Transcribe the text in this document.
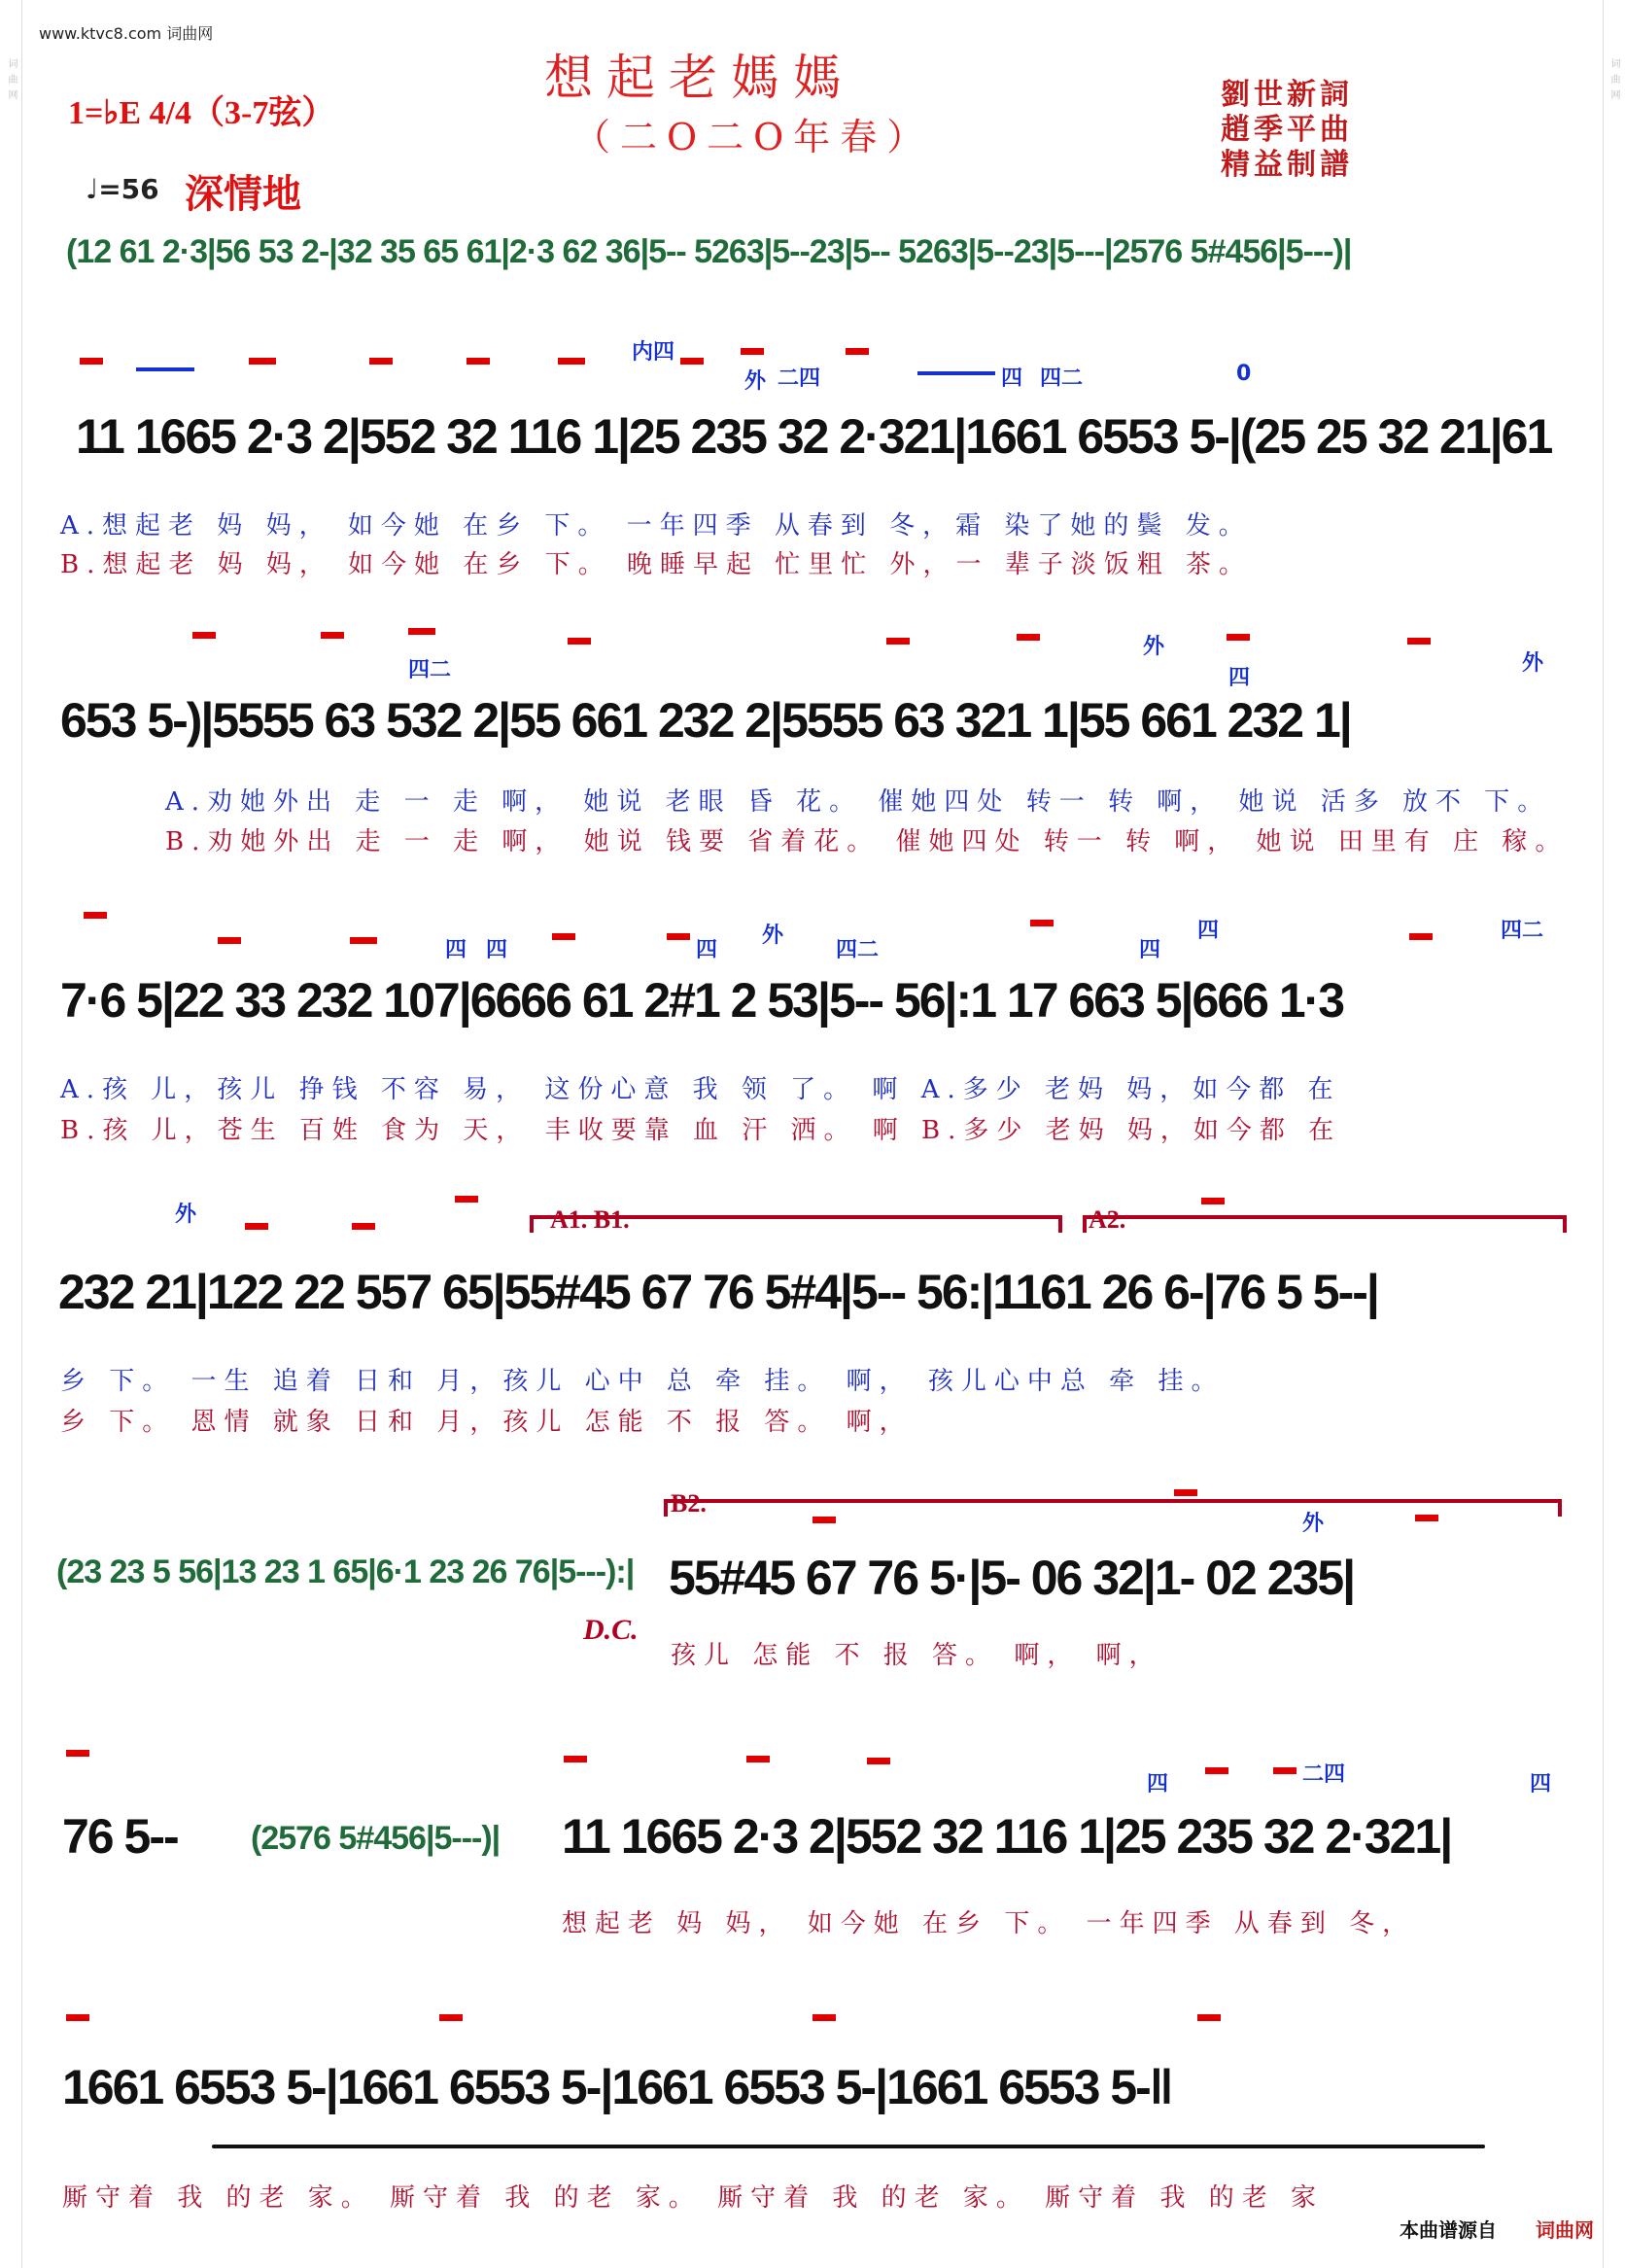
词曲网	词曲网
www.ktvc8.com 词曲网
想起老媽媽
（二O二O年春）
劉世新詞
趙季平曲
精益制譜
1=♭E 4/4（3-7弦）
♩=56 深情地
(12 61 2·3|56 53 2-|32 35 65 61|2·3 62 36|5-- 5263|5--23|5-- 5263|5--23|5---|2576 5#456|5---)|
内四
外 二四	四 四二	0
11 1665 2·3 2|552 32 116 1|25 235 32 2·321|1661 6553 5-|(25 25 32 21|61
A.想起老 妈 妈， 如今她 在乡 下。 一年四季 从春到 冬，霜 染了她的鬓 发。
B.想起老 妈 妈， 如今她 在乡 下。 晚睡早起 忙里忙 外，一 辈子淡饭粗 茶。
四二
外
四
外
653 5-)|5555 63 532 2|55 661 232 2|5555 63 321 1|55 661 232 1|
A.劝她外出 走 一 走 啊， 她说 老眼 昏 花。 催她四处 转一 转 啊， 她说 活多 放不 下。
B.劝她外出 走 一 走 啊， 她说 钱要 省着花。 催她四处 转一 转 啊， 她说 田里有 庄 稼。
四 四	四
外
四二	四
四	四二
7·6 5|22 33 232 107|6666 61 2#1 2 53|5-- 56|:1 17 663 5|666 1·3
A.孩 儿，孩儿 挣钱 不容 易， 这份心意 我 领 了。 啊 A.多少 老妈 妈，如今都 在
B.孩 儿，苍生 百姓 食为 天， 丰收要靠 血 汗 洒。 啊 B.多少 老妈 妈，如今都 在
A1. B1.	A2.
外
232 21|122 22 557 65|55#45 67 76 5#4|5-- 56:|1161 26 6-|76 5 5--|
乡 下。 一生 追着 日和 月，孩儿 心中 总 牵 挂。 啊， 孩儿心中总 牵 挂。
乡 下。 恩情 就象 日和 月，孩儿 怎能 不 报 答。 啊，
(23 23 5 56|13 23 1 65|6·1 23 26 76|5---):|
D.C.
B2.
外
55#45 67 76 5·|5- 06 32|1- 02 235|
孩儿 怎能 不 报 答。 啊， 啊，
四	二四	四
76 5-- (2576 5#456|5---)| 11 1665 2·3 2|552 32 116 1|25 235 32 2·321|
想起老 妈 妈， 如今她 在乡 下。 一年四季 从春到 冬，
1661 6553 5-|1661 6553 5-|1661 6553 5-|1661 6553 5-‖
厮守着 我 的老 家。 厮守着 我 的老 家。 厮守着 我 的老 家。 厮守着 我 的老 家
本曲谱源自 词曲网
